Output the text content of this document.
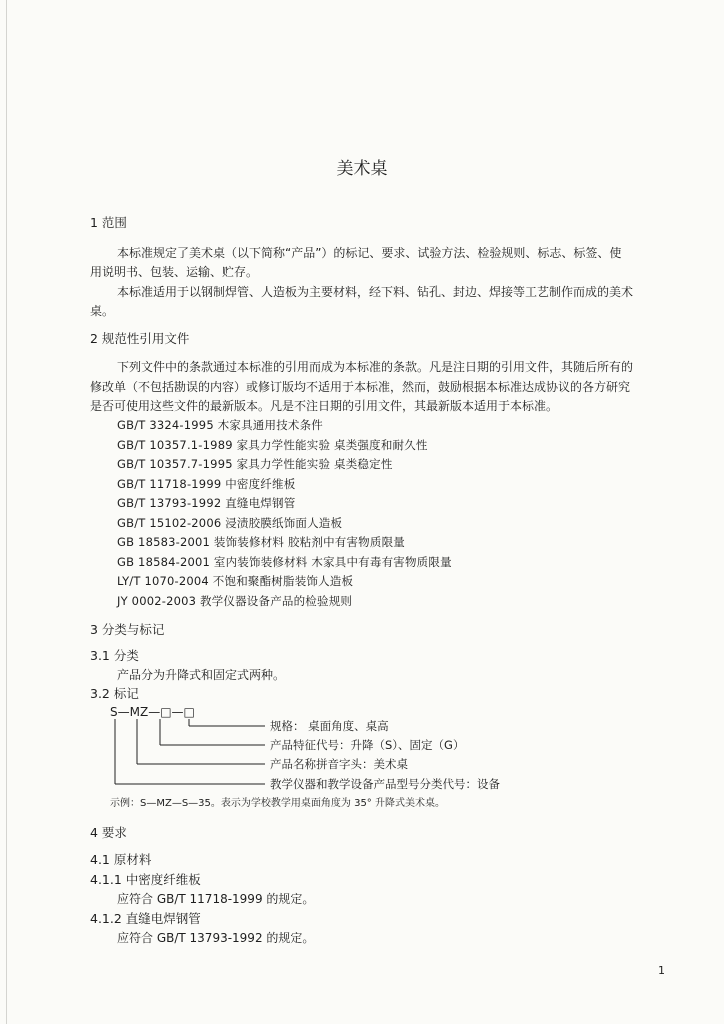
美术桌
1 范围
本标准规定了美术桌（以下简称“产品”）的标记、要求、试验方法、检验规则、标志、标签、使
用说明书、包装、运输、贮存。
本标准适用于以钢制焊管、人造板为主要材料，经下料、钻孔、封边、焊接等工艺制作而成的美术
桌。
2 规范性引用文件
下列文件中的条款通过本标准的引用而成为本标准的条款。凡是注日期的引用文件，其随后所有的
修改单（不包括勘误的内容）或修订版均不适用于本标准，然而，鼓励根据本标准达成协议的各方研究
是否可使用这些文件的最新版本。凡是不注日期的引用文件，其最新版本适用于本标准。
GB/T 3324-1995 木家具通用技术条件
GB/T 10357.1-1989 家具力学性能实验 桌类强度和耐久性
GB/T 10357.7-1995 家具力学性能实验 桌类稳定性
GB/T 11718-1999 中密度纤维板
GB/T 13793-1992 直缝电焊钢管
GB/T 15102-2006 浸渍胶膜纸饰面人造板
GB 18583-2001 装饰装修材料 胶粘剂中有害物质限量
GB 18584-2001 室内装饰装修材料 木家具中有毒有害物质限量
LY/T 1070-2004 不饱和聚酯树脂装饰人造板
JY 0002-2003 教学仪器设备产品的检验规则
3 分类与标记
3.1 分类
产品分为升降式和固定式两种。
3.2 标记
S—MZ—□—□
规格： 桌面角度、桌高
产品特征代号：升降（S）、固定（G）
产品名称拼音字头：美术桌
教学仪器和教学设备产品型号分类代号：设备
示例：S—MZ—S—35。表示为学校教学用桌面角度为 35° 升降式美术桌。
4 要求
4.1 原材料
4.1.1 中密度纤维板
应符合 GB/T 11718-1999 的规定。
4.1.2 直缝电焊钢管
应符合 GB/T 13793-1992 的规定。
1
